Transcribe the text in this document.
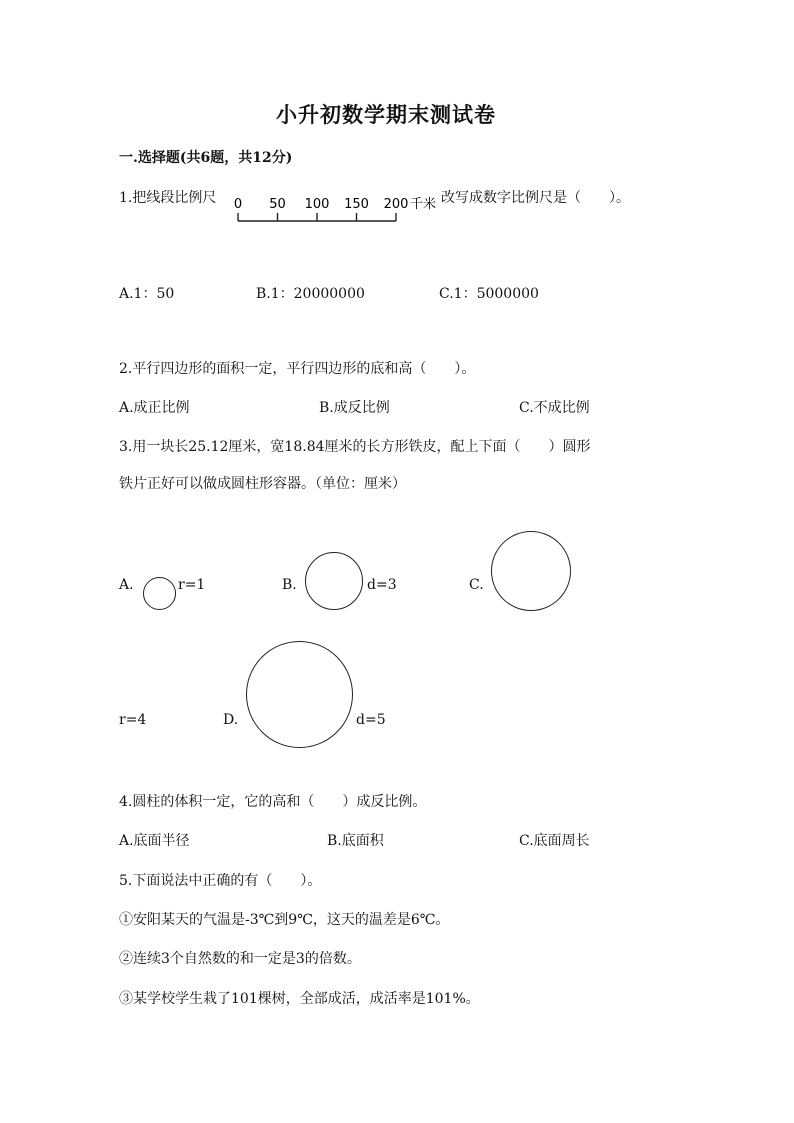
小升初数学期末测试卷
一.选择题(共6题，共12分)
1.把线段比例尺 0 50 100 150 200 千米 改写成数字比例尺是（　　）。
A.1：50	B.1：20000000	C.1：5000000
2.平行四边形的面积一定，平行四边形的底和高（　　）。
A.成正比例	B.成反比例	C.不成比例
3.用一块长25.12厘米，宽18.84厘米的长方形铁皮，配上下面（　　）圆形
铁片正好可以做成圆柱形容器。（单位：厘米）
A.	r=1	B.	d=3	C.
r=4	D.	d=5
4.圆柱的体积一定，它的高和（　　）成反比例。
A.底面半径	B.底面积	C.底面周长
5.下面说法中正确的有（　　）。
①安阳某天的气温是-3℃到9℃，这天的温差是6℃。
②连续3个自然数的和一定是3的倍数。
③某学校学生栽了101棵树，全部成活，成活率是101%。
